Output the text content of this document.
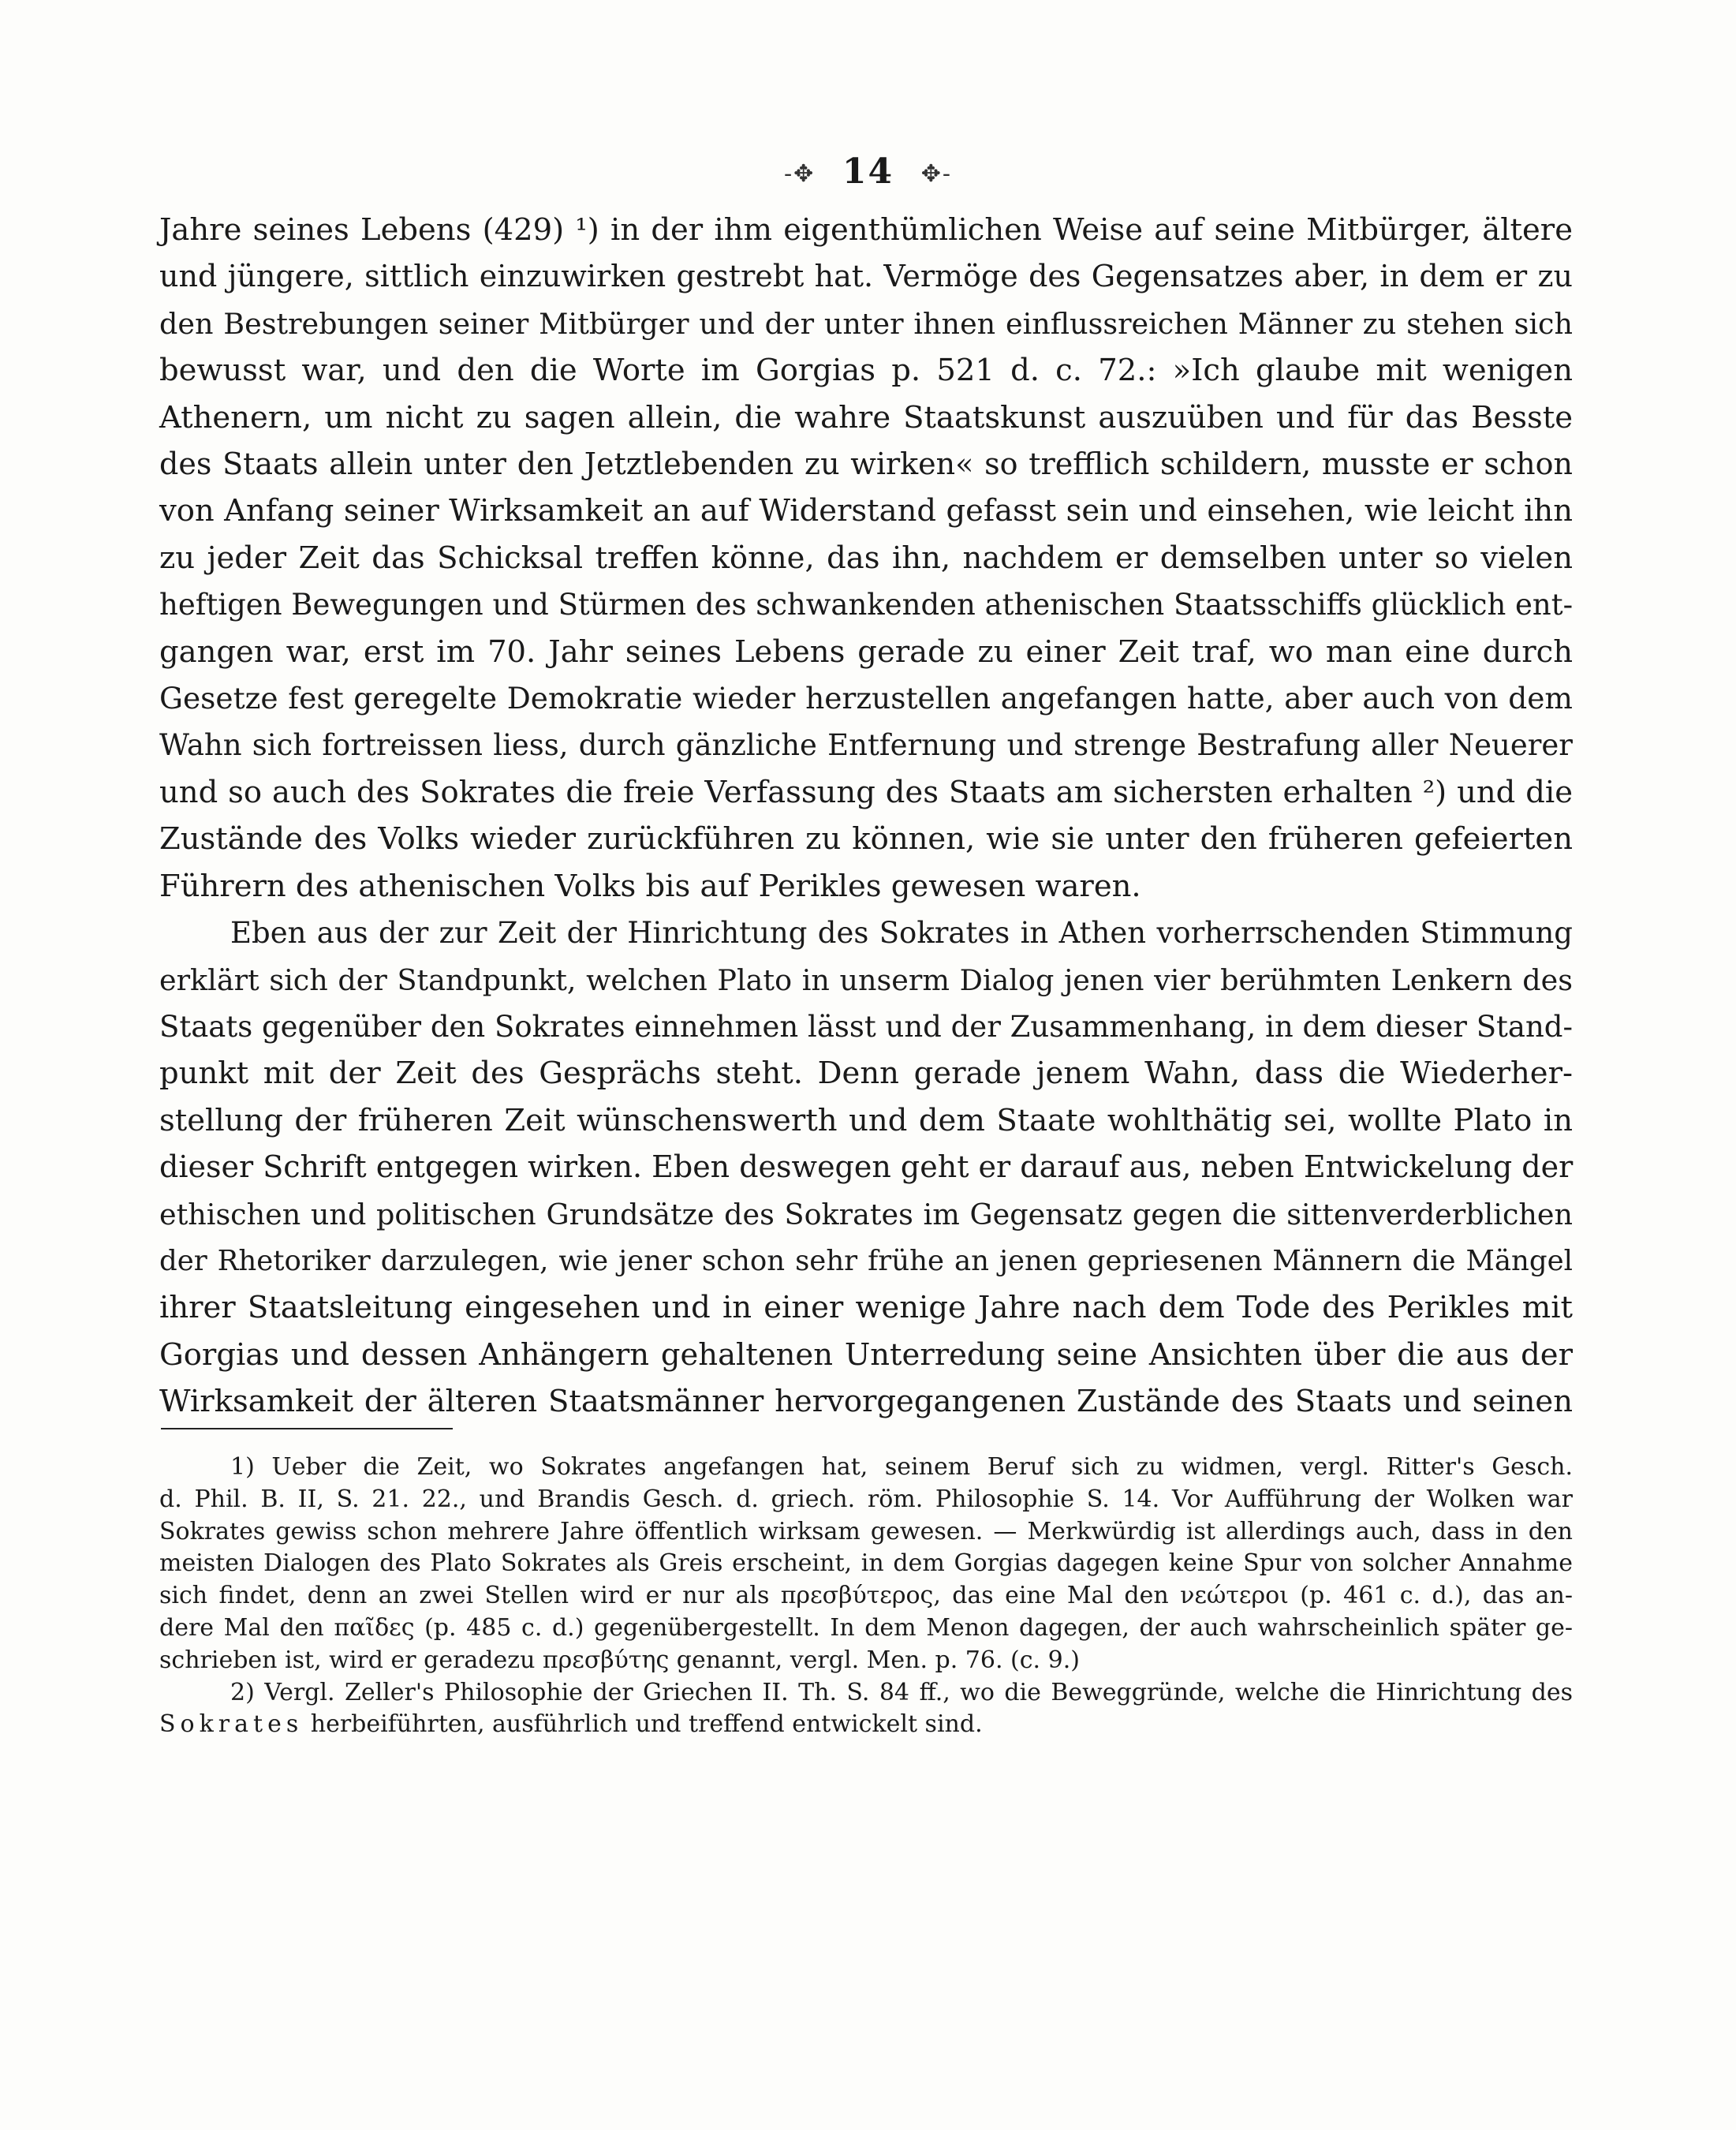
-✥ 14 ✥-
Jahre seines Lebens (429) ¹) in der ihm eigenthümlichen Weise auf seine Mitbürger, ältere
und jüngere, sittlich einzuwirken gestrebt hat. Vermöge des Gegensatzes aber, in dem er zu
den Bestrebungen seiner Mitbürger und der unter ihnen einflussreichen Männer zu stehen sich
bewusst war, und den die Worte im Gorgias p. 521 d. c. 72.: »Ich glaube mit wenigen
Athenern, um nicht zu sagen allein, die wahre Staatskunst auszuüben und für das Besste
des Staats allein unter den Jetztlebenden zu wirken« so trefflich schildern, musste er schon
von Anfang seiner Wirksamkeit an auf Widerstand gefasst sein und einsehen, wie leicht ihn
zu jeder Zeit das Schicksal treffen könne, das ihn, nachdem er demselben unter so vielen
heftigen Bewegungen und Stürmen des schwankenden athenischen Staatsschiffs glücklich ent-
gangen war, erst im 70. Jahr seines Lebens gerade zu einer Zeit traf, wo man eine durch
Gesetze fest geregelte Demokratie wieder herzustellen angefangen hatte, aber auch von dem
Wahn sich fortreissen liess, durch gänzliche Entfernung und strenge Bestrafung aller Neuerer
und so auch des Sokrates die freie Verfassung des Staats am sichersten erhalten ²) und die
Zustände des Volks wieder zurückführen zu können, wie sie unter den früheren gefeierten
Führern des athenischen Volks bis auf Perikles gewesen waren.
Eben aus der zur Zeit der Hinrichtung des Sokrates in Athen vorherrschenden Stimmung
erklärt sich der Standpunkt, welchen Plato in unserm Dialog jenen vier berühmten Lenkern des
Staats gegenüber den Sokrates einnehmen lässt und der Zusammenhang, in dem dieser Stand-
punkt mit der Zeit des Gesprächs steht. Denn gerade jenem Wahn, dass die Wiederher-
stellung der früheren Zeit wünschenswerth und dem Staate wohlthätig sei, wollte Plato in
dieser Schrift entgegen wirken. Eben deswegen geht er darauf aus, neben Entwickelung der
ethischen und politischen Grundsätze des Sokrates im Gegensatz gegen die sittenverderblichen
der Rhetoriker darzulegen, wie jener schon sehr frühe an jenen gepriesenen Männern die Mängel
ihrer Staatsleitung eingesehen und in einer wenige Jahre nach dem Tode des Perikles mit
Gorgias und dessen Anhängern gehaltenen Unterredung seine Ansichten über die aus der
Wirksamkeit der älteren Staatsmänner hervorgegangenen Zustände des Staats und seinen
1) Ueber die Zeit, wo Sokrates angefangen hat, seinem Beruf sich zu widmen, vergl. Ritter's Gesch.
d. Phil. B. II, S. 21. 22., und Brandis Gesch. d. griech. röm. Philosophie S. 14. Vor Aufführung der Wolken war
Sokrates gewiss schon mehrere Jahre öffentlich wirksam gewesen. — Merkwürdig ist allerdings auch, dass in den
meisten Dialogen des Plato Sokrates als Greis erscheint, in dem Gorgias dagegen keine Spur von solcher Annahme
sich findet, denn an zwei Stellen wird er nur als πρεσβύτερος, das eine Mal den νεώτεροι (p. 461 c. d.), das an-
dere Mal den παῖδες (p. 485 c. d.) gegenübergestellt. In dem Menon dagegen, der auch wahrscheinlich später ge-
schrieben ist, wird er geradezu πρεσβύτης genannt, vergl. Men. p. 76. (c. 9.)
2) Vergl. Zeller's Philosophie der Griechen II. Th. S. 84 ff., wo die Beweggründe, welche die Hinrichtung des
Sokrates herbeiführten, ausführlich und treffend entwickelt sind.
